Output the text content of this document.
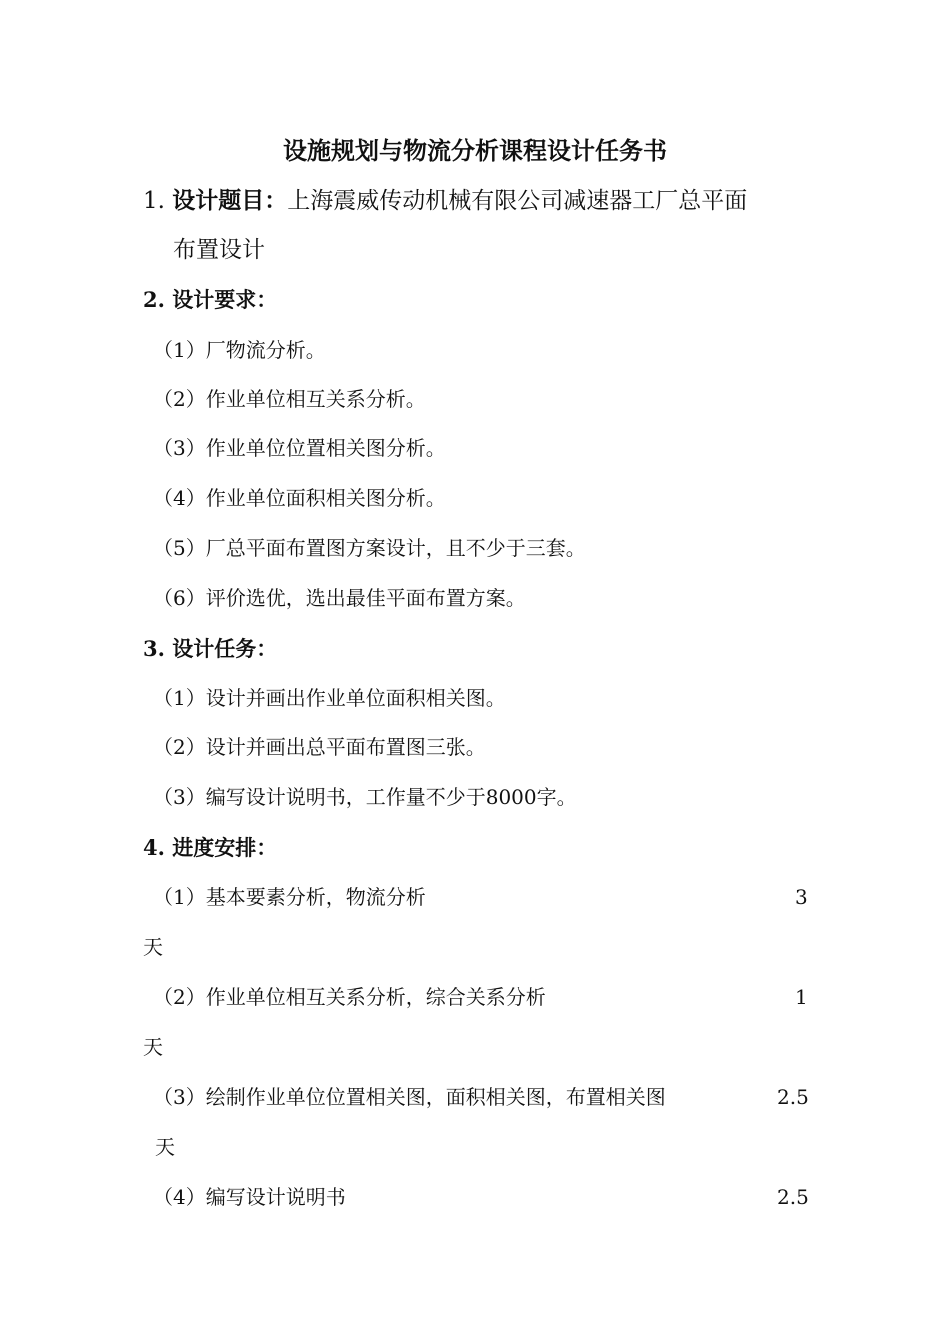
设施规划与物流分析课程设计任务书
1. 设计题目：上海震威传动机械有限公司减速器工厂总平面
布置设计
2. 设计要求：
（1）厂物流分析。
（2）作业单位相互关系分析。
（3）作业单位位置相关图分析。
（4）作业单位面积相关图分析。
（5）厂总平面布置图方案设计，且不少于三套。
（6）评价选优，选出最佳平面布置方案。
3. 设计任务：
（1）设计并画出作业单位面积相关图。
（2）设计并画出总平面布置图三张。
（3）编写设计说明书，工作量不少于8000字。
4. 进度安排：
（1）基本要素分析，物流分析	3
天
（2）作业单位相互关系分析，综合关系分析	1
天
（3）绘制作业单位位置相关图，面积相关图，布置相关图	2.5
天
（4）编写设计说明书	2.5
